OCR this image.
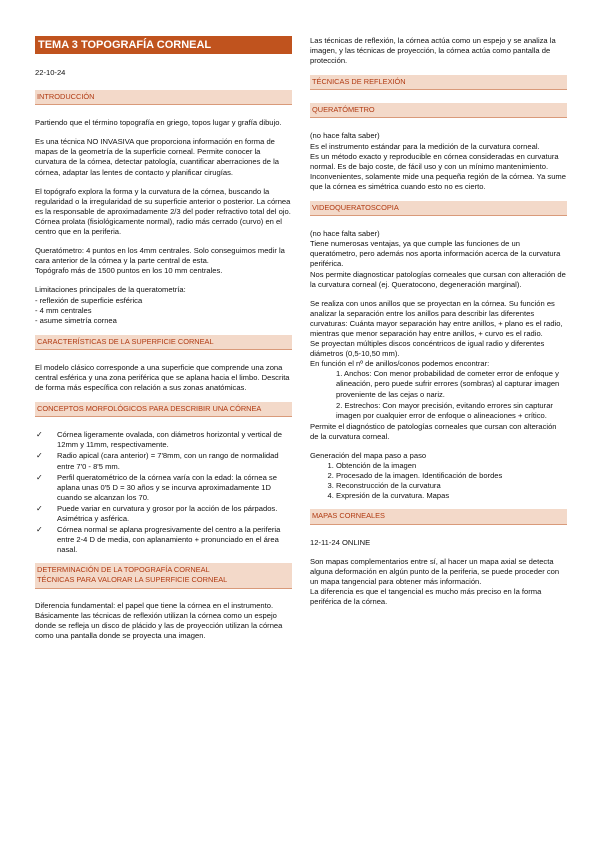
TEMA 3 TOPOGRAFÍA CORNEAL
22-10-24
INTRODUCCIÓN

Partiendo que el término topografía en griego, topos lugar y grafía dibujo.

Es una técnica NO INVASIVA que proporciona información en forma de mapas de la geometría de la superficie corneal. Permite conocer la curvatura de la córnea, detectar patología, cuantificar aberraciones de la córnea, adaptar las lentes de contacto y planificar cirugías.

El topógrafo explora la forma y la curvatura de la córnea, buscando la regularidad o la irregularidad de su superficie anterior o posterior. La córnea es la responsable de aproximadamente 2/3 del poder refractivo total del ojo. Córnea prolata (fisiológicamente normal), radio más cerrado (curvo) en el centro que en la periferia.

Queratómetro: 4 puntos en los 4mm centrales. Solo conseguimos medir la cara anterior de la córnea y la parte central de esta.

Topógrafo más de 1500 puntos en los 10 mm centrales.

Limitaciones principales de la queratometría:
- reflexión de superficie esférica
- 4 mm centrales
- asume simetría cornea
CARACTERÍSTICAS DE LA SUPERFICIE CORNEAL

El modelo clásico corresponde a una superficie que comprende una zona central esférica y una zona periférica que se aplana hacia el limbo. Descrita de forma más específica con relación a sus zonas anatómicas.

CONCEPTOS MORFOLÓGICOS PARA DESCRIBIR UNA CÓRNEA
✓ Córnea ligeramente ovalada, con diámetros horizontal y vertical de 12mm y 11mm, respectivamente.
✓ Radio apical (cara anterior) = 7'8mm, con un rango de normalidad entre 7'0 - 8'5 mm.
✓ Perfil queratométrico de la córnea varía con la edad: la córnea se aplana unas 0'5 D = 30 años y se incurva aproximadamente 1D cuando se alcanzan los 70.
✓ Puede variar en curvatura y grosor por la acción de los párpados. Asimétrica y asférica.
✓ Córnea normal se aplana progresivamente del centro a la periferia entre 2-4 D de media, con aplanamiento + pronunciado en el área nasal.
DETERMINACIÓN DE LA TOPOGRAFÍA CORNEAL
TÉCNICAS PARA VALORAR LA SUPERFICIE CORNEAL

Diferencia fundamental: el papel que tiene la córnea en el instrumento. Básicamente las técnicas de reflexión utilizan la córnea como un espejo donde se refleja un disco de plácido y las de proyección utilizan la córnea como una pantalla donde se proyecta una imagen.

Las técnicas de reflexión, la córnea actúa como un espejo y se analiza la imagen, y las técnicas de proyección, la córnea actúa como pantalla de protección.

TÉCNICAS DE REFLEXIÓN
QUERATÓMETRO
(no hace falta saber)
Es el instrumento estándar para la medición de la curvatura corneal.
Es un método exacto y reproducible en córnea consideradas en curvatura normal. Es de bajo coste, de fácil uso y con un mínimo mantenimiento.

Inconvenientes, solamente mide una pequeña región de la córnea. Ya sume que la córnea es simétrica cuando esto no es cierto.

VIDEOQUERATOSCOPIA
(no hace falta saber)
Tiene numerosas ventajas, ya que cumple las funciones de un queratómetro, pero además nos aporta información acerca de la curvatura periférica.

Nos permite diagnosticar patologías corneales que cursan con alteración de la curvatura corneal (ej. Queratocono, degeneración marginal).

Se realiza con unos anillos que se proyectan en la córnea. Su función es analizar la separación entre los anillos para describir las diferentes curvaturas: Cuánta mayor separación hay entre anillos, + plano es el radio, mientras que menor separación hay entre anillos, + curvo es el radio.
Se proyectan múltiples discos concéntricos de igual radio y diferentes diámetros (0,5-10,50 mm).
En función el nº de anillos/conos podemos encontrar:
1. Anchos: Con menor probabilidad de cometer error de enfoque y alineación, pero puede sufrir errores (sombras) al capturar imagen proveniente de las cejas o nariz.
2. Estrechos: Con mayor precisión, evitando errores sin capturar imagen por cualquier error de enfoque o alineaciones + crítico.

Permite el diagnóstico de patologías corneales que cursan con alteración de la curvatura corneal.

Generación del mapa paso a paso
1. Obtención de la imagen
2. Procesado de la imagen. Identificación de bordes
3. Reconstrucción de la curvatura
4. Expresión de la curvatura. Mapas
MAPAS CORNEALES

12-11-24 ONLINE

Son mapas complementarios entre sí, al hacer un mapa axial se detecta alguna deformación en algún punto de la periferia, se puede proceder con un mapa tangencial para obtener más información.
La diferencia es que el tangencial es mucho más preciso en la forma periférica de la córnea.
